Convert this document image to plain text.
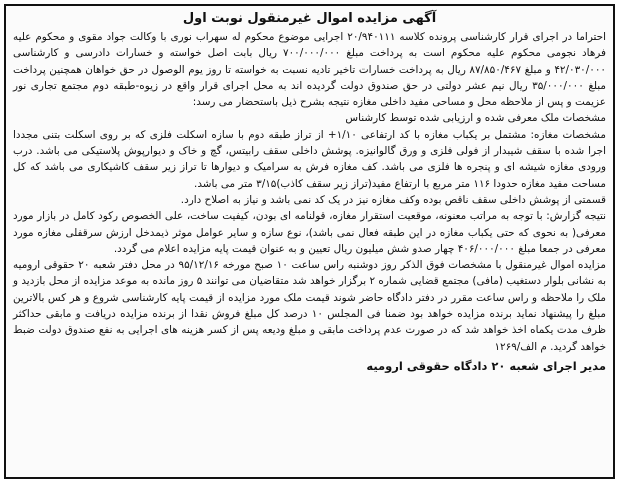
آگهی مزایده اموال غیرمنقول نوبت اول

احتراما در اجرای قرار کارشناسی پرونده کلاسه ۲۰/۹۴۰۱۱۱ اجرایی موضوع محکوم له سهراب نوری با وکالت جواد مقوی و محکوم علیه فرهاد نجومی محکوم علیه محکوم است به پرداخت مبلغ ۷۰۰/۰۰۰/۰۰۰ ریال بابت اصل خواسته و خسارات دادرسی و کارشناسی ۴۲/۰۳۰/۰۰۰ و مبلغ ۸۷/۸۵۰/۴۶۷ ریال به پرداخت خسارات تاخیر تادیه نسبت به خواسته تا روز یوم الوصول در حق خواهان همچنین پرداخت مبلغ ۳۵/۰۰۰/۰۰۰ ریال نیم عشر دولتی در حق صندوق دولت گردیده اند به محل اجرای قرار واقع در زیوه-طبقه دوم مجتمع تجاری نور عزیمت و پس از ملاحظه محل و مساحی مفید داخلی مغازه نتیجه بشرح ذیل باستحضار می رسد:

مشخصات ملک معرفی شده و ارزیابی شده توسط کارشناس

مشخصات مغازه: مشتمل بر یکباب مغازه با کد ارتفاعی ۱/۱۰+ از تراز طبقه دوم با سازه اسکلت فلزی که بر روی اسکلت بتنی مجددا اجرا شده با سقف شیبدار از فولی فلزی و ورق گالوانیزه. پوشش داخلی سقف رابیتس، گچ و خاک و دیوارپوش پلاستیکی می باشد. درب ورودی مغازه شیشه ای و پنجره ها فلزی می باشد. کف مغازه فرش به سرامیک و دیوارها تا تراز زیر سقف کاشیکاری می باشد که کل مساحت مفید مغازه حدودا ۱۱۶ متر مربع با ارتفاع مفید(تراز زیر سقف کاذب)۳/۱۵ متر می باشد.

قسمتی از پوشش داخلی سقف ناقص بوده وکف مغازه نیز در یک کد نمی باشد و نیاز به اصلاح دارد.

نتیجه گزارش: با توجه به مراتب معنونه، موقعیت استقرار مغازه، قولنامه ای بودن، کیفیت ساخت، علی الخصوص رکود کامل در بازار مورد معرفی( به نحوی که حتی یکباب مغازه در این طبقه فعال نمی باشد)، نوع سازه و سایر عوامل موثر ذیمدخل ارزش سرقفلی مغازه مورد معرفی در جمعا مبلغ ۴۰۶/۰۰۰/۰۰۰ چهار صدو شش میلیون ریال تعیین و به عنوان قیمت پایه مزایده اعلام می گردد.

مزایده اموال غیرمنقول با مشخصات فوق الذکر روز دوشنبه راس ساعت ۱۰ صبح مورخه ۹۵/۱۲/۱۶ در محل دفتر شعبه ۲۰ حقوقی ارومیه به نشانی بلوار دستغیب (مافی) مجتمع قضایی شماره ۲ برگزار خواهد شد متقاضیان می توانند ۵ روز مانده به موعد مزایده از محل بازدید و ملک را ملاحظه و راس ساعت مقرر در دفتر دادگاه حاضر شوند قیمت ملک مورد مزایده از قیمت پایه کارشناسی شروع و هر کس بالاترین مبلغ را پیشنهاد نماید برنده مزایده خواهد بود ضمنا فی المجلس ۱۰ درصد کل مبلغ فروش نقدا از برنده مزایده دریافت و مابقی حداکثر ظرف مدت یکماه اخذ خواهد شد که در صورت عدم پرداخت مابقی و مبلغ ودیعه پس از کسر هزینه های اجرایی به نفع صندوق دولت ضبط خواهد گردید. م الف/۱۲۶۹

مدیر اجرای شعبه ۲۰ دادگاه حقوقی ارومیه
